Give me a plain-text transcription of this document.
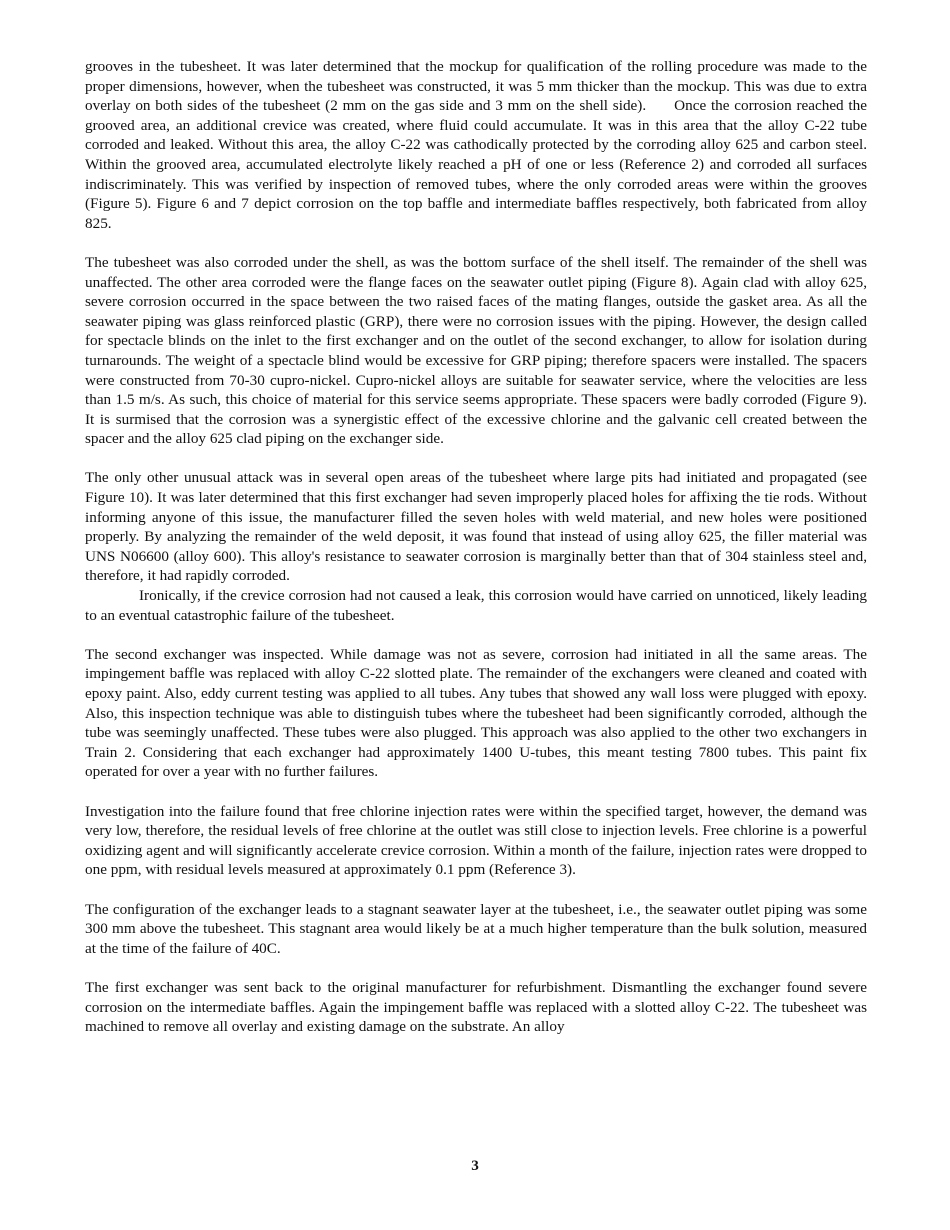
grooves in the tubesheet. It was later determined that the mockup for qualification of the rolling procedure was made to the proper dimensions, however, when the tubesheet was constructed, it was 5 mm thicker than the mockup. This was due to extra overlay on both sides of the tubesheet (2 mm on the gas side and 3 mm on the shell side). Once the corrosion reached the grooved area, an additional crevice was created, where fluid could accumulate. It was in this area that the alloy C-22 tube corroded and leaked. Without this area, the alloy C-22 was cathodically protected by the corroding alloy 625 and carbon steel. Within the grooved area, accumulated electrolyte likely reached a pH of one or less (Reference 2) and corroded all surfaces indiscriminately. This was verified by inspection of removed tubes, where the only corroded areas were within the grooves (Figure 5). Figure 6 and 7 depict corrosion on the top baffle and intermediate baffles respectively, both fabricated from alloy 825.

The tubesheet was also corroded under the shell, as was the bottom surface of the shell itself. The remainder of the shell was unaffected. The other area corroded were the flange faces on the seawater outlet piping (Figure 8). Again clad with alloy 625, severe corrosion occurred in the space between the two raised faces of the mating flanges, outside the gasket area. As all the seawater piping was glass reinforced plastic (GRP), there were no corrosion issues with the piping. However, the design called for spectacle blinds on the inlet to the first exchanger and on the outlet of the second exchanger, to allow for isolation during turnarounds. The weight of a spectacle blind would be excessive for GRP piping; therefore spacers were installed. The spacers were constructed from 70-30 cupro-nickel. Cupro-nickel alloys are suitable for seawater service, where the velocities are less than 1.5 m/s. As such, this choice of material for this service seems appropriate. These spacers were badly corroded (Figure 9). It is surmised that the corrosion was a synergistic effect of the excessive chlorine and the galvanic cell created between the spacer and the alloy 625 clad piping on the exchanger side.

The only other unusual attack was in several open areas of the tubesheet where large pits had initiated and propagated (see Figure 10). It was later determined that this first exchanger had seven improperly placed holes for affixing the tie rods. Without informing anyone of this issue, the manufacturer filled the seven holes with weld material, and new holes were positioned properly. By analyzing the remainder of the weld deposit, it was found that instead of using alloy 625, the filler material was UNS N06600 (alloy 600). This alloy's resistance to seawater corrosion is marginally better than that of 304 stainless steel and, therefore, it had rapidly corroded.
Ironically, if the crevice corrosion had not caused a leak, this corrosion would have carried on unnoticed, likely leading to an eventual catastrophic failure of the tubesheet.

The second exchanger was inspected. While damage was not as severe, corrosion had initiated in all the same areas. The impingement baffle was replaced with alloy C-22 slotted plate. The remainder of the exchangers were cleaned and coated with epoxy paint. Also, eddy current testing was applied to all tubes. Any tubes that showed any wall loss were plugged with epoxy. Also, this inspection technique was able to distinguish tubes where the tubesheet had been significantly corroded, although the tube was seemingly unaffected. These tubes were also plugged. This approach was also applied to the other two exchangers in Train 2. Considering that each exchanger had approximately 1400 U-tubes, this meant testing 7800 tubes. This paint fix operated for over a year with no further failures.

Investigation into the failure found that free chlorine injection rates were within the specified target, however, the demand was very low, therefore, the residual levels of free chlorine at the outlet was still close to injection levels. Free chlorine is a powerful oxidizing agent and will significantly accelerate crevice corrosion. Within a month of the failure, injection rates were dropped to one ppm, with residual levels measured at approximately 0.1 ppm (Reference 3).

The configuration of the exchanger leads to a stagnant seawater layer at the tubesheet, i.e., the seawater outlet piping was some 300 mm above the tubesheet. This stagnant area would likely be at a much higher temperature than the bulk solution, measured at the time of the failure of 40C.

The first exchanger was sent back to the original manufacturer for refurbishment. Dismantling the exchanger found severe corrosion on the intermediate baffles. Again the impingement baffle was replaced with a slotted alloy C-22. The tubesheet was machined to remove all overlay and existing damage on the substrate. An alloy

3
